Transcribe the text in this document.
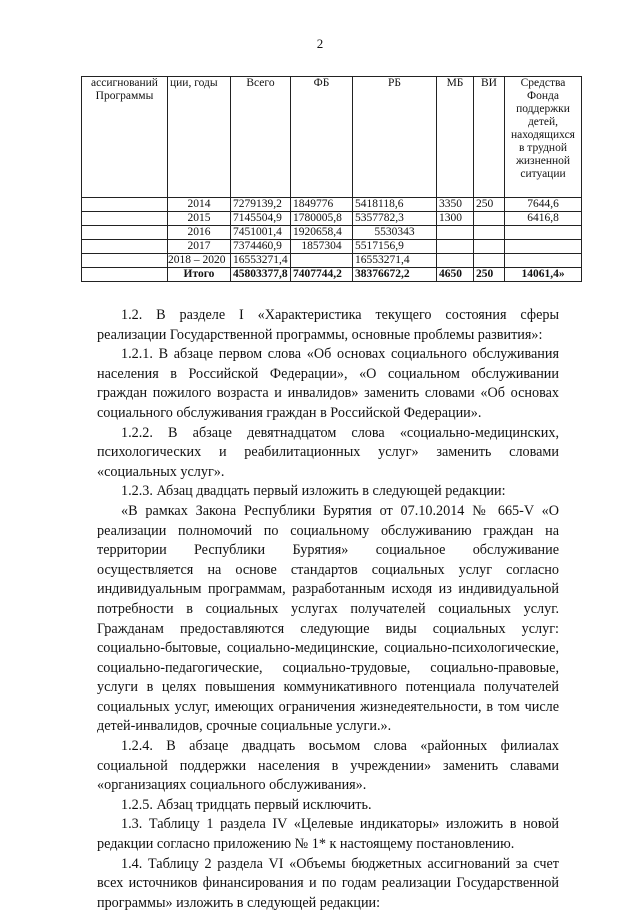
2
ассигнований Программы	ции, годы	Всего	ФБ	РБ	МБ	ВИ	Средства Фонда поддержки детей, находящихся в трудной жизненной ситуации
	2014	7279139,2	1849776	5418118,6	3350	250	7644,6
	2015	7145504,9	1780005,8	5357782,3	1300		6416,8
	2016	7451001,4	1920658,4	5530343			
	2017	7374460,9	1857304	5517156,9			
	2018 – 2020	16553271,4		16553271,4			
	Итого	45803377,8	7407744,2	38376672,2	4650	250	14061,4»

1.2. В разделе I «Характеристика текущего состояния сферы реализации Государственной программы, основные проблемы развития»:

1.2.1. В абзаце первом слова «Об основах социального обслуживания населения в Российской Федерации», «О социальном обслуживании граждан пожилого возраста и инвалидов» заменить словами «Об основах социального обслуживания граждан в Российской Федерации».

1.2.2. В абзаце девятнадцатом слова «социально-медицинских, психологических и реабилитационных услуг» заменить словами «социальных услуг».

1.2.3. Абзац двадцать первый изложить в следующей редакции:

«В рамках Закона Республики Бурятия от 07.10.2014 № 665-V «О реализации полномочий по социальному обслуживанию граждан на территории Республики Бурятия» социальное обслуживание осуществляется на основе стандартов социальных услуг согласно индивидуальным программам, разработанным исходя из индивидуальной потребности в социальных услугах получателей социальных услуг. Гражданам предоставляются следующие виды социальных услуг: социально-бытовые, социально-медицинские, социально-психологические, социально-педагогические, социально-трудовые, социально-правовые, услуги в целях повышения коммуникативного потенциала получателей социальных услуг, имеющих ограничения жизнедеятельности, в том числе детей-инвалидов, срочные социальные услуги.».

1.2.4. В абзаце двадцать восьмом слова «районных филиалах социальной поддержки населения в учреждении» заменить славами «организациях социального обслуживания».

1.2.5. Абзац тридцать первый исключить.

1.3. Таблицу 1 раздела IV «Целевые индикаторы» изложить в новой редакции согласно приложению № 1* к настоящему постановлению.

1.4. Таблицу 2 раздела VI «Объемы бюджетных ассигнований за счет всех источников финансирования и по годам реализации Государственной программы» изложить в следующей редакции:
